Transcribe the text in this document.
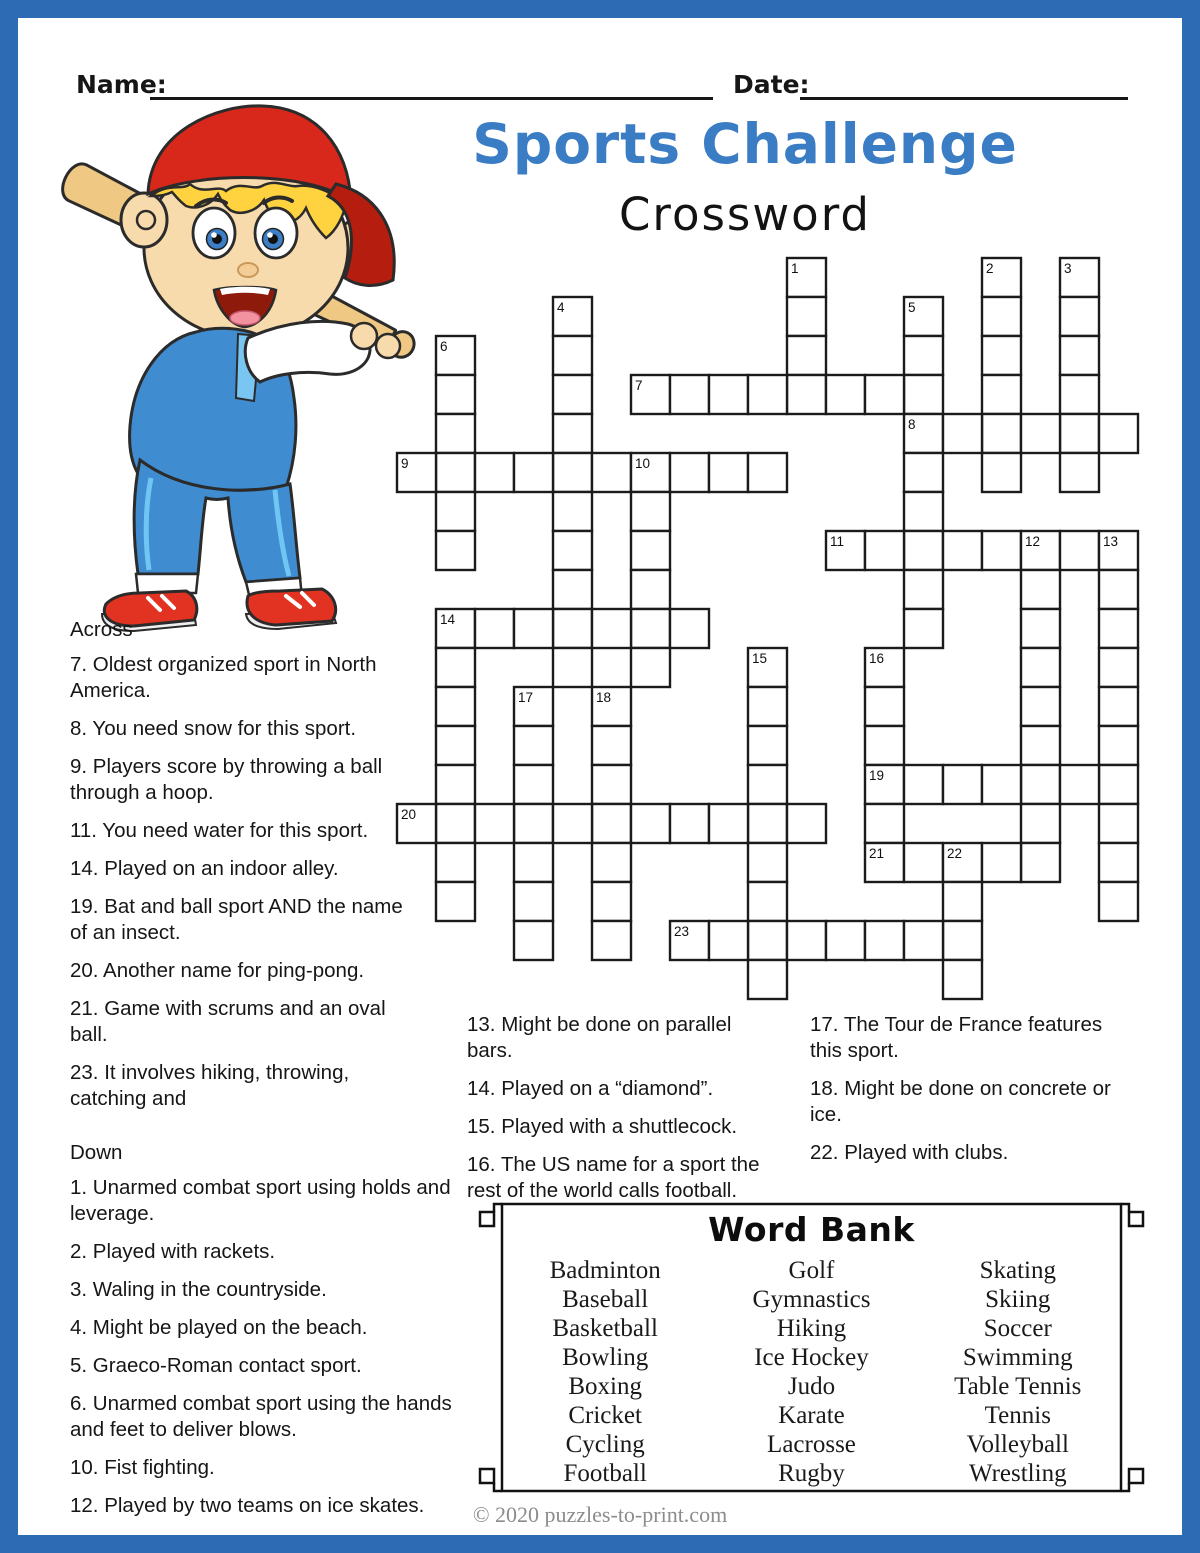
Name:	Date:
Sports Challenge
Crossword
1	2	3
4	5
6
7
8
9	10
11	12	13
14
15	16
17	18
19
20
21	22
23

Across

7. Oldest organized sport in North America.

8. You need snow for this sport.

9. Players score by throwing a ball through a hoop.

11. You need water for this sport.

14. Played on an indoor alley.

19. Bat and ball sport AND the name of an insect.

20. Another name for ping-pong.

21. Game with scrums and an oval ball.

23. It involves hiking, throwing, catching and

Down

1. Unarmed combat sport using holds and leverage.

2. Played with rackets.

3. Waling in the countryside.

4. Might be played on the beach.

5. Graeco-Roman contact sport.

6. Unarmed combat sport using the hands and feet to deliver blows.

10. Fist fighting.

12. Played by two teams on ice skates.

13. Might be done on parallel bars.

14. Played on a “diamond”.

15. Played with a shuttlecock.

16. The US name for a sport the rest of the world calls football.

17. The Tour de France features this sport.

18. Might be done on concrete or ice.

22. Played with clubs.

Word Bank

Badminton

Baseball

Basketball

Bowling

Boxing

Cricket

Cycling

Football

Golf

Gymnastics

Hiking

Ice Hockey

Judo

Karate

Lacrosse

Rugby

Skating

Skiing

Soccer

Swimming

Table Tennis

Tennis

Volleyball

Wrestling

© 2020 puzzles-to-print.com
